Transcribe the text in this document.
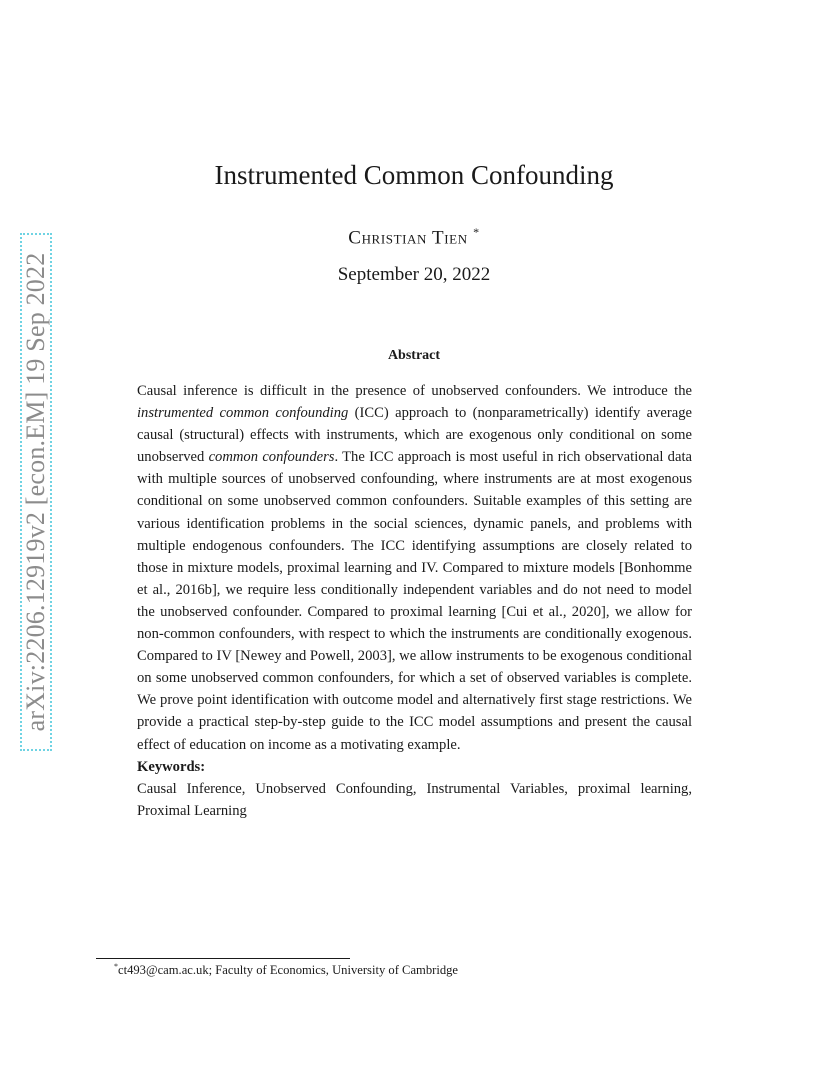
arXiv:2206.12919v2 [econ.EM] 19 Sep 2022
Instrumented Common Confounding
Christian Tien *
September 20, 2022
Abstract

Causal inference is difficult in the presence of unobserved confounders. We introduce the instrumented common confounding (ICC) approach to (nonparametrically) identify average causal (structural) effects with instruments, which are exogenous only conditional on some unobserved common confounders. The ICC approach is most useful in rich observational data with multiple sources of unobserved confounding, where instruments are at most exogenous conditional on some unobserved common confounders. Suitable examples of this setting are various identification problems in the social sciences, dynamic panels, and problems with multiple endogenous confounders. The ICC identifying assumptions are closely related to those in mixture models, proximal learning and IV. Compared to mixture models [Bonhomme et al., 2016b], we require less conditionally independent variables and do not need to model the unobserved confounder. Compared to proximal learning [Cui et al., 2020], we allow for non-common confounders, with respect to which the instruments are conditionally exogenous. Compared to IV [Newey and Powell, 2003], we allow instruments to be exogenous conditional on some unobserved common confounders, for which a set of observed variables is complete. We prove point identification with outcome model and alternatively first stage restrictions. We provide a practical step-by-step guide to the ICC model assumptions and present the causal effect of education on income as a motivating example.

Keywords:

Causal Inference, Unobserved Confounding, Instrumental Variables, proximal learning, Proximal Learning

*ct493@cam.ac.uk; Faculty of Economics, University of Cambridge
